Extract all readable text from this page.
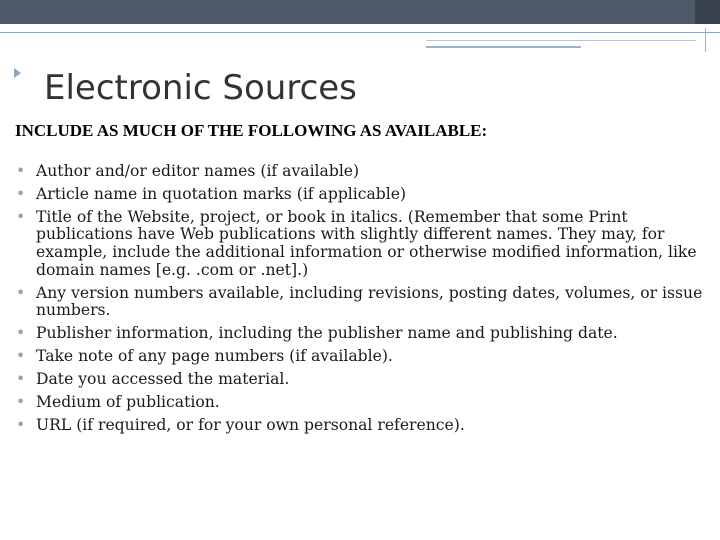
Electronic Sources

INCLUDE AS MUCH OF THE FOLLOWING AS AVAILABLE:

• Author and/or editor names (if available)
• Article name in quotation marks (if applicable)
• Title of the Website, project, or book in italics. (Remember that some Print publications have Web publications with slightly different names. They may, for example, include the additional information or otherwise modified information, like domain names [e.g. .com or .net].)
• Any version numbers available, including revisions, posting dates, volumes, or issue numbers.
• Publisher information, including the publisher name and publishing date.
• Take note of any page numbers (if available).
• Date you accessed the material.
• Medium of publication.
• URL (if required, or for your own personal reference).
